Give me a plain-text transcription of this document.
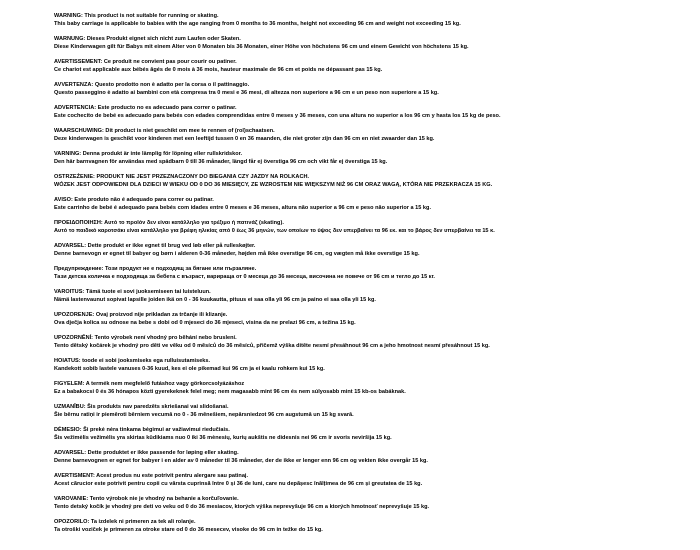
WARNING: This product is not suitable for running or skating.
This baby carriage is applicable to babies with the age ranging from 0 months to 36 months, height not exceeding 96 cm and weight not exceeding 15 kg.
WARNUNG: Dieses Produkt eignet sich nicht zum Laufen oder Skaten.
Diese Kinderwagen gilt für Babys mit einem Alter von 0 Monaten bis 36 Monaten, einer Höhe von höchstens 96 cm und einem Gewicht von höchstens 15 kg.
AVERTISSEMENT: Ce produit ne convient pas pour courir ou patiner.
Ce chariot est applicable aux bébés âgés de 0 mois à 36 mois, hauteur maximale de 96 cm et poids ne dépassant pas 15 kg.
AVVERTENZA: Questo prodotto non è adatto per la corsa o il pattinaggio.
Questo passeggino è adatto ai bambini con età compresa tra 0 mesi e 36 mesi, di altezza non superiore a 96 cm e un peso non superiore a 15 kg.
ADVERTENCIA: Este producto no es adecuado para correr o patinar.
Este cochecito de bebé es adecuado para bebés con edades comprendidas entre 0 meses y 36 meses, con una altura no superior a los 96 cm y hasta los 15 kg de peso.
WAARSCHUWING: Dit product is niet geschikt om mee te rennen of (rol)schaatsen.
Deze kinderwagen is geschikt voor kinderen met een leeftijd tussen 0 en 36 maanden, die niet groter zijn dan 96 cm en niet zwaarder dan 15 kg.
VARNING: Denna produkt är inte lämplig för löpning eller rullskridskor.
Den här barnvagnen för användas med spädbarn 0 till 36 månader, längd får ej överstiga 96 cm och vikt får ej överstiga 15 kg.
OSTRZEŻENIE: PRODUKT NIE JEST PRZEZNACZONY DO BIEGANIA CZY JAZDY NA ROLKACH.
WÓZEK JEST ODPOWIEDNI DLA DZIECI W WIEKU OD 0 DO 36 MIESIĘCY, ZE WZROSTEM NIE WIĘKSZYM NIŻ 96 CM ORAZ WAGĄ, KTÓRA NIE PRZEKRACZA 15 KG.
AVISO: Este produto não é adequado para correr ou patinar.
Este carrinho de bebé é adequado para bebés com idades entre 0 meses e 36 meses, altura não superior a 96 cm e peso não superior a 15 kg.
ΠΡΟΕΙΔΟΠΟΙΗΣΗ: Αυτό το προϊόν δεν είναι κατάλληλο για τρέξιμο ή πατινάζ (skating).
Αυτό το παιδικό καροτσάκι είναι κατάλληλο για βρέφη ηλικίας από 0 έως 36 μηνών, των οποίων το ύψος δεν υπερβαίνει τα 96 εκ. και το βάρος δεν υπερβαίνει τα 15 κ.
ADVARSEL: Dette produkt er ikke egnet til brug ved løb eller på rulleskøjter.
Denne barnevogn er egnet til babyer og børn i alderen 0-36 måneder, højden må ikke overstige 96 cm, og vægten må ikke overstige 15 kg.
Предупреждение: Този продукт не е подходящ за бягане или пързаляне.
Тази детска количка е подходяща за бебета с възраст, варираща от 0 месеца до 36 месеца, височина не повече от 96 cm и тегло до 15 кг.
VAROITUS: Tämä tuote ei sovi juoksemiseen tai luisteluun.
Nämä lastenvaunut sopivat lapsille joiden ikä on 0 - 36 kuukautta, pituus ei saa olla yli 96 cm ja paino ei saa olla yli 15 kg.
UPOZORENJE: Ovaj proizvod nije prikladan za trčanje ili klizanje.
Ova dječja kolica su odnose na bebe s dobi od 0 mjeseci do 36 mjeseci, visina da ne prelazi 96 cm, a težina 15 kg.
UPOZORNĚNÍ: Tento výrobek není vhodný pro běhání nebo bruslení.
Tento dětský kočárek je vhodný pro děti ve věku od 0 měsíců do 36 měsíců, přičemž výška dítěte nesmí přesáhnout 96 cm a jeho hmotnost nesmí přesáhnout 15 kg.
HOIATUS: toode ei sobi jooksmiseks ega rulluisutamiseks.
Kandekott sobib lastele vanuses 0-36 kuud, kes ei ole pikemad kui 96 cm ja ei kaalu rohkem kui 15 kg.
FIGYELEM: A termék nem megfelelő futáshoz vagy görkorcsolyázáshoz
Ez a babakocsi 0 és 36 hónapos közti gyerekeknek felel meg; nem magasabb mint 96 cm és nem súlyosabb mint 15 kb-os babáknak.
UZMANĪBU: Šis produkts nav paredzēts skriešanai vai slidošanai.
Šie bērnu ratiņi ir piemēroti bērniem vecumā no 0 - 36 mēnešiem, nepārsniedzot 96 cm augstumā un 15 kg svarā.
DĖMESIO: Ši prekė nėra tinkama bėgimui ar važiavimui riedučiais.
Šis vežimėlis vežimėlis yra skirtas kūdikiams nuo 0 iki 36 mėnesių, kurių aukštis ne didesnis nei 96 cm ir svoris neviršija 15 kg.
ADVARSEL: Dette produktet er ikke passende for løping eller skating.
Denne barnevognen er egnet for babyer i en alder av 0 måneder til 36 måneder, der de ikke er lenger enn 96 cm og vekten ikke overgår 15 kg.
AVERTISMENT: Acest produs nu este potrivit pentru alergare sau patinaj.
Acest cărucior este potrivit pentru copii cu vârsta cuprinsă între 0 și 36 de luni, care nu depășesc înălțimea de 96 cm și greutatea de 15 kg.
VAROVANIE: Tento výrobok nie je vhodný na behanie a korčuľovanie.
Tento detský kočík je vhodný pre deti vo veku od 0 do 36 mesiacov, ktorých výška neprevyšuje 96 cm a ktorých hmotnosť neprevyšuje 15 kg.
OPOZORILO: Ta izdelek ni primeren za tek ali rolanje.
Ta otroški voziček je primeren za otroke stare od 0 do 36 mesecev, visoke do 96 cm in težke do 15 kg.
